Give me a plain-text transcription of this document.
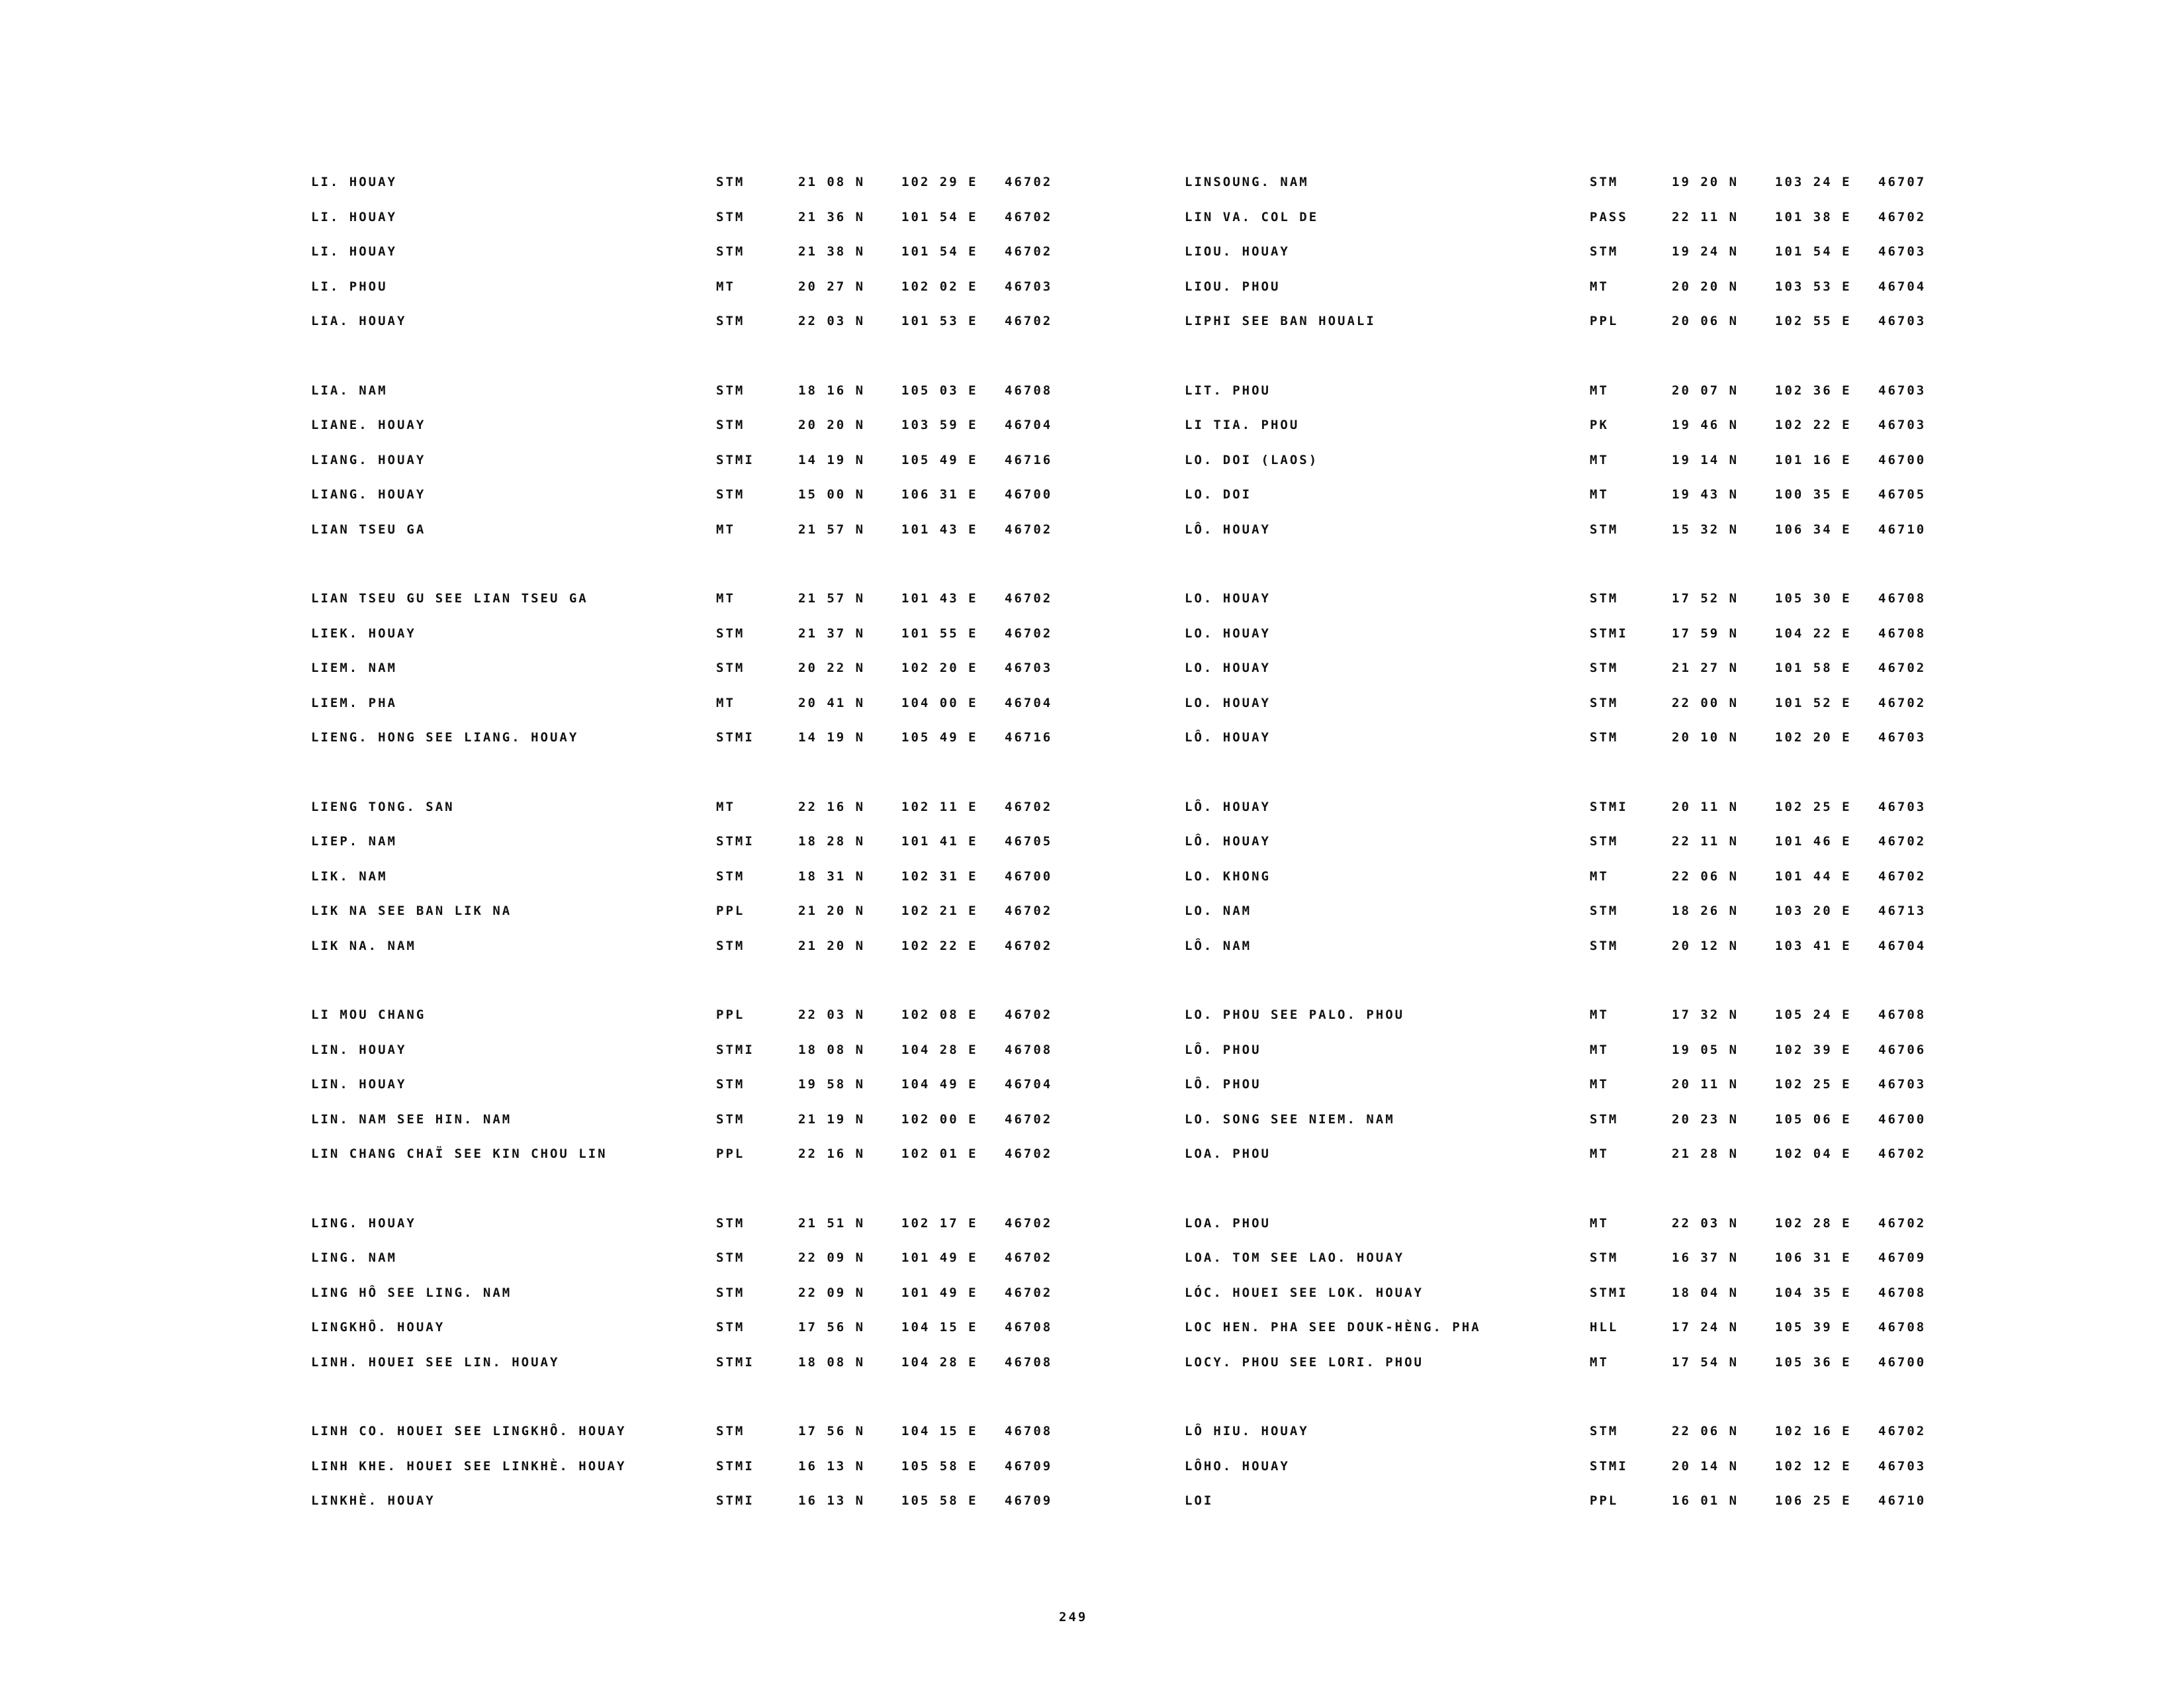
LI. HOUAY	STM	21 08 N	102 29 E 46702
LI. HOUAY	STM	21 36 N	101 54 E 46702
LI. HOUAY	STM	21 38 N	101 54 E 46702
LI. PHOU	MT	20 27 N	102 02 E 46703
LIA. HOUAY	STM	22 03 N	101 53 E 46702
LIA. NAM	STM	18 16 N	105 03 E 46708
LIANE. HOUAY	STM	20 20 N	103 59 E 46704
LIANG. HOUAY	STMI	14 19 N	105 49 E 46716
LIANG. HOUAY	STM	15 00 N	106 31 E 46700
LIAN TSEU GA	MT	21 57 N	101 43 E 46702
LIAN TSEU GU SEE LIAN TSEU GA	MT	21 57 N	101 43 E 46702
LIEK. HOUAY	STM	21 37 N	101 55 E 46702
LIEM. NAM	STM	20 22 N	102 20 E 46703
LIEM. PHA	MT	20 41 N	104 00 E 46704
LIENG. HONG SEE LIANG. HOUAY	STMI	14 19 N	105 49 E 46716
LIENG TONG. SAN	MT	22 16 N	102 11 E 46702
LIEP. NAM	STMI	18 28 N	101 41 E 46705
LIK. NAM	STM	18 31 N	102 31 E 46700
LIK NA SEE BAN LIK NA	PPL	21 20 N	102 21 E 46702
LIK NA. NAM	STM	21 20 N	102 22 E 46702
LI MOU CHANG	PPL	22 03 N	102 08 E 46702
LIN. HOUAY	STMI	18 08 N	104 28 E 46708
LIN. HOUAY	STM	19 58 N	104 49 E 46704
LIN. NAM SEE HIN. NAM	STM	21 19 N	102 00 E 46702
LIN CHANG CHAÏ SEE KIN CHOU LIN	PPL	22 16 N	102 01 E 46702
LING. HOUAY	STM	21 51 N	102 17 E 46702
LING. NAM	STM	22 09 N	101 49 E 46702
LING HÔ SEE LING. NAM	STM	22 09 N	101 49 E 46702
LINGKHÔ. HOUAY	STM	17 56 N	104 15 E 46708
LINH. HOUEI SEE LIN. HOUAY	STMI	18 08 N	104 28 E 46708
LINH CO. HOUEI SEE LINGKHÔ. HOUAY	STM	17 56 N	104 15 E 46708
LINH KHE. HOUEI SEE LINKHÈ. HOUAY	STMI	16 13 N	105 58 E 46709
LINKHÈ. HOUAY	STMI	16 13 N	105 58 E 46709
LINSOUNG. NAM	STM	19 20 N	103 24 E 46707
LIN VA. COL DE	PASS	22 11 N	101 38 E 46702
LIOU. HOUAY	STM	19 24 N	101 54 E 46703
LIOU. PHOU	MT	20 20 N	103 53 E 46704
LIPHI SEE BAN HOUALI	PPL	20 06 N	102 55 E 46703
LIT. PHOU	MT	20 07 N	102 36 E 46703
LI TIA. PHOU	PK	19 46 N	102 22 E 46703
LO. DOI (LAOS)	MT	19 14 N	101 16 E 46700
LO. DOI	MT	19 43 N	100 35 E 46705
LÔ. HOUAY	STM	15 32 N	106 34 E 46710
LO. HOUAY	STM	17 52 N	105 30 E 46708
LO. HOUAY	STMI	17 59 N	104 22 E 46708
LO. HOUAY	STM	21 27 N	101 58 E 46702
LO. HOUAY	STM	22 00 N	101 52 E 46702
LÔ. HOUAY	STM	20 10 N	102 20 E 46703
LÔ. HOUAY	STMI	20 11 N	102 25 E 46703
LÔ. HOUAY	STM	22 11 N	101 46 E 46702
LO. KHONG	MT	22 06 N	101 44 E 46702
LO. NAM	STM	18 26 N	103 20 E 46713
LÔ. NAM	STM	20 12 N	103 41 E 46704
LO. PHOU SEE PALO. PHOU	MT	17 32 N	105 24 E 46708
LÔ. PHOU	MT	19 05 N	102 39 E 46706
LÔ. PHOU	MT	20 11 N	102 25 E 46703
LO. SONG SEE NIEM. NAM	STM	20 23 N	105 06 E 46700
LOA. PHOU	MT	21 28 N	102 04 E 46702
LOA. PHOU	MT	22 03 N	102 28 E 46702
LOA. TOM SEE LAO. HOUAY	STM	16 37 N	106 31 E 46709
LÓC. HOUEI SEE LOK. HOUAY	STMI	18 04 N	104 35 E 46708
LOC HEN. PHA SEE DOUK-HÈNG. PHA	HLL	17 24 N	105 39 E 46708
LOCY. PHOU SEE LORI. PHOU	MT	17 54 N	105 36 E 46700
LÔ HIU. HOUAY	STM	22 06 N	102 16 E 46702
LÔHO. HOUAY	STMI	20 14 N	102 12 E 46703
LOI	PPL	16 01 N	106 25 E 46710
249
